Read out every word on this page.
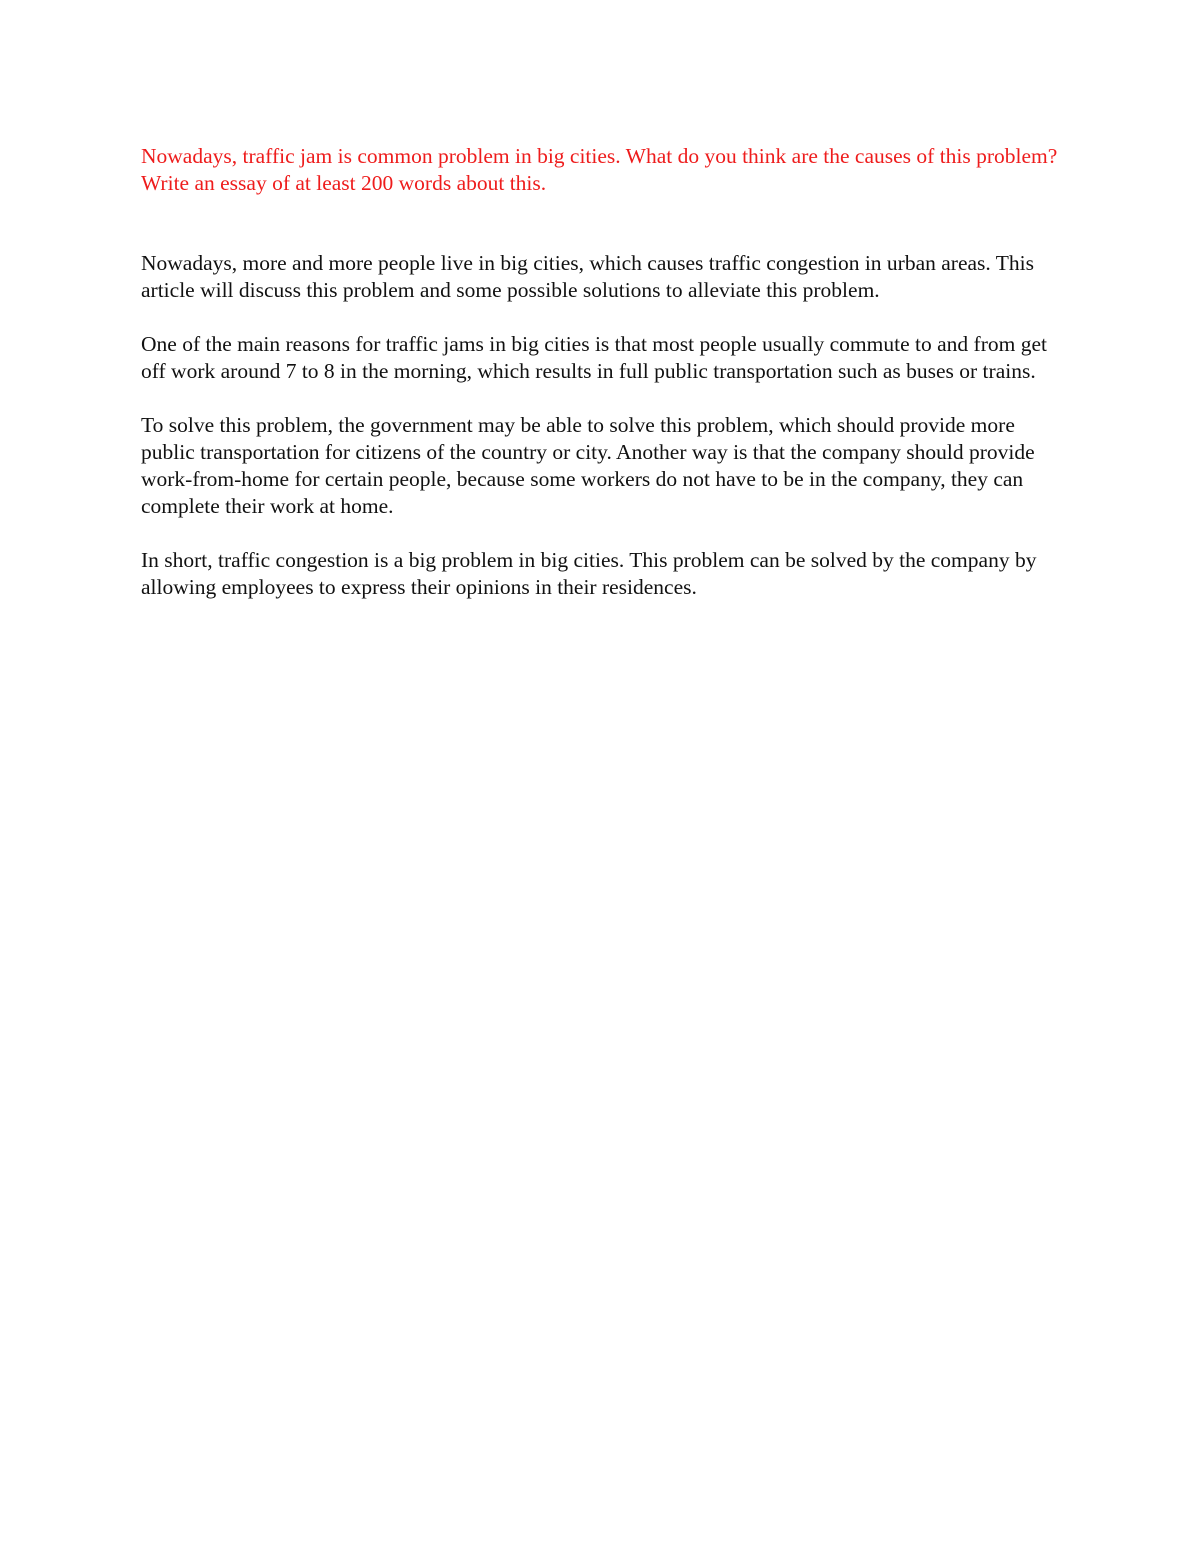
Nowadays, traffic jam is common problem in big cities. What do you think are the causes of this problem?

Write an essay of at least 200 words about this.

Nowadays, more and more people live in big cities, which causes traffic congestion in urban areas. This article will discuss this problem and some possible solutions to alleviate this problem.

One of the main reasons for traffic jams in big cities is that most people usually commute to and from get off work around 7 to 8 in the morning, which results in full public transportation such as buses or trains.

To solve this problem, the government may be able to solve this problem, which should provide more public transportation for citizens of the country or city. Another way is that the company should provide work-from-home for certain people, because some workers do not have to be in the company, they can complete their work at home.

In short, traffic congestion is a big problem in big cities. This problem can be solved by the company by allowing employees to express their opinions in their residences.
